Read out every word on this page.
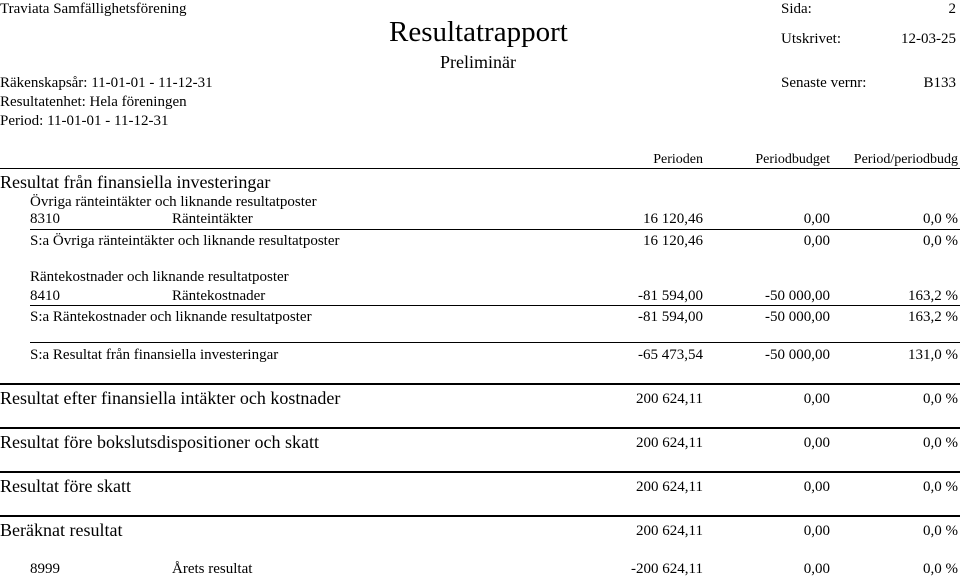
Traviata Samfällighetsförening
Resultatrapport
Preliminär
Sida:	2
Utskrivet:	12-03-25
Räkenskapsår: 11-01-01 - 11-12-31
Resultatenhet: Hela föreningen
Period: 11-01-01 - 11-12-31
Senaste vernr:	B133
Perioden	Periodbudget Period/periodbudg
Resultat från finansiella investeringar
Övriga ränteintäkter och liknande resultatposter
8310	Ränteintäkter	16 120,46	0,00	0,0 %
S:a Övriga ränteintäkter och liknande resultatposter	16 120,46	0,00	0,0 %
Räntekostnader och liknande resultatposter
8410	Räntekostnader	-81 594,00	-50 000,00	163,2 %
S:a Räntekostnader och liknande resultatposter	-81 594,00	-50 000,00	163,2 %
S:a Resultat från finansiella investeringar	-65 473,54	-50 000,00	131,0 %
Resultat efter finansiella intäkter och kostnader	200 624,11	0,00	0,0 %
Resultat före bokslutsdispositioner och skatt	200 624,11	0,00	0,0 %
Resultat före skatt	200 624,11	0,00	0,0 %
Beräknat resultat	200 624,11	0,00	0,0 %
8999	Årets resultat	-200 624,11	0,00	0,0 %
